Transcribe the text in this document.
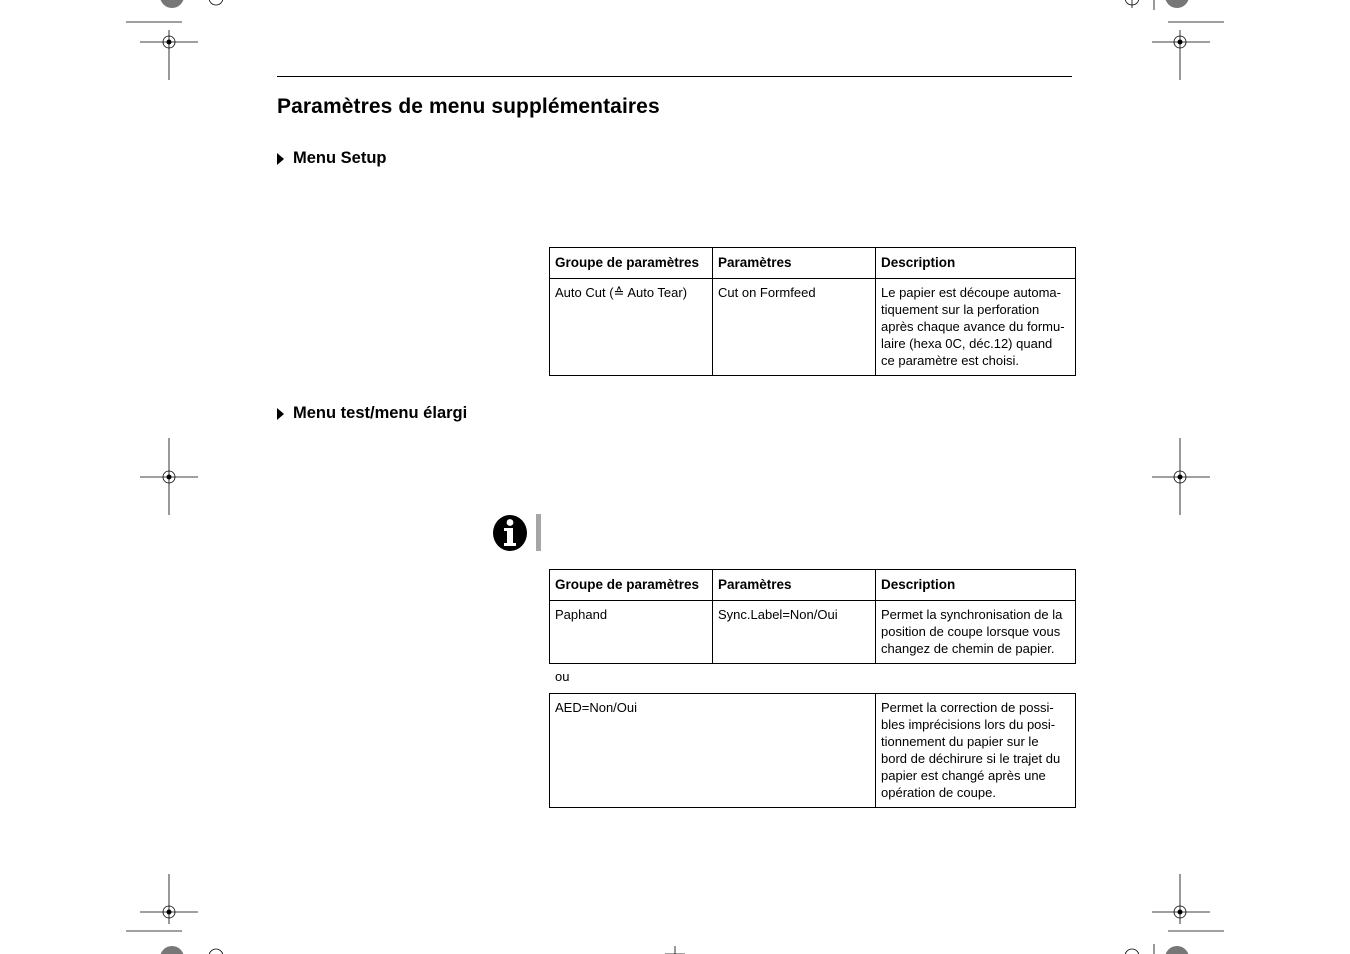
Paramètres de menu supplémentaires
Menu Setup
Groupe de paramètres	Paramètres	Description
Auto Cut (≙ Auto Tear)	Cut on Formfeed	Le papier est découpe automa-
tiquement sur la perforation
après chaque avance du formu-
laire (hexa 0C, déc.12) quand
ce paramètre est choisi.
Menu test/menu élargi
Groupe de paramètres	Paramètres	Description
Paphand	Sync.Label=Non/Oui	Permet la synchronisation de la
position de coupe lorsque vous
changez de chemin de papier.
ou
AED=Non/Oui	Permet la correction de possi-
bles imprécisions lors du posi-
tionnement du papier sur le
bord de déchirure si le trajet du
papier est changé après une
opération de coupe.
